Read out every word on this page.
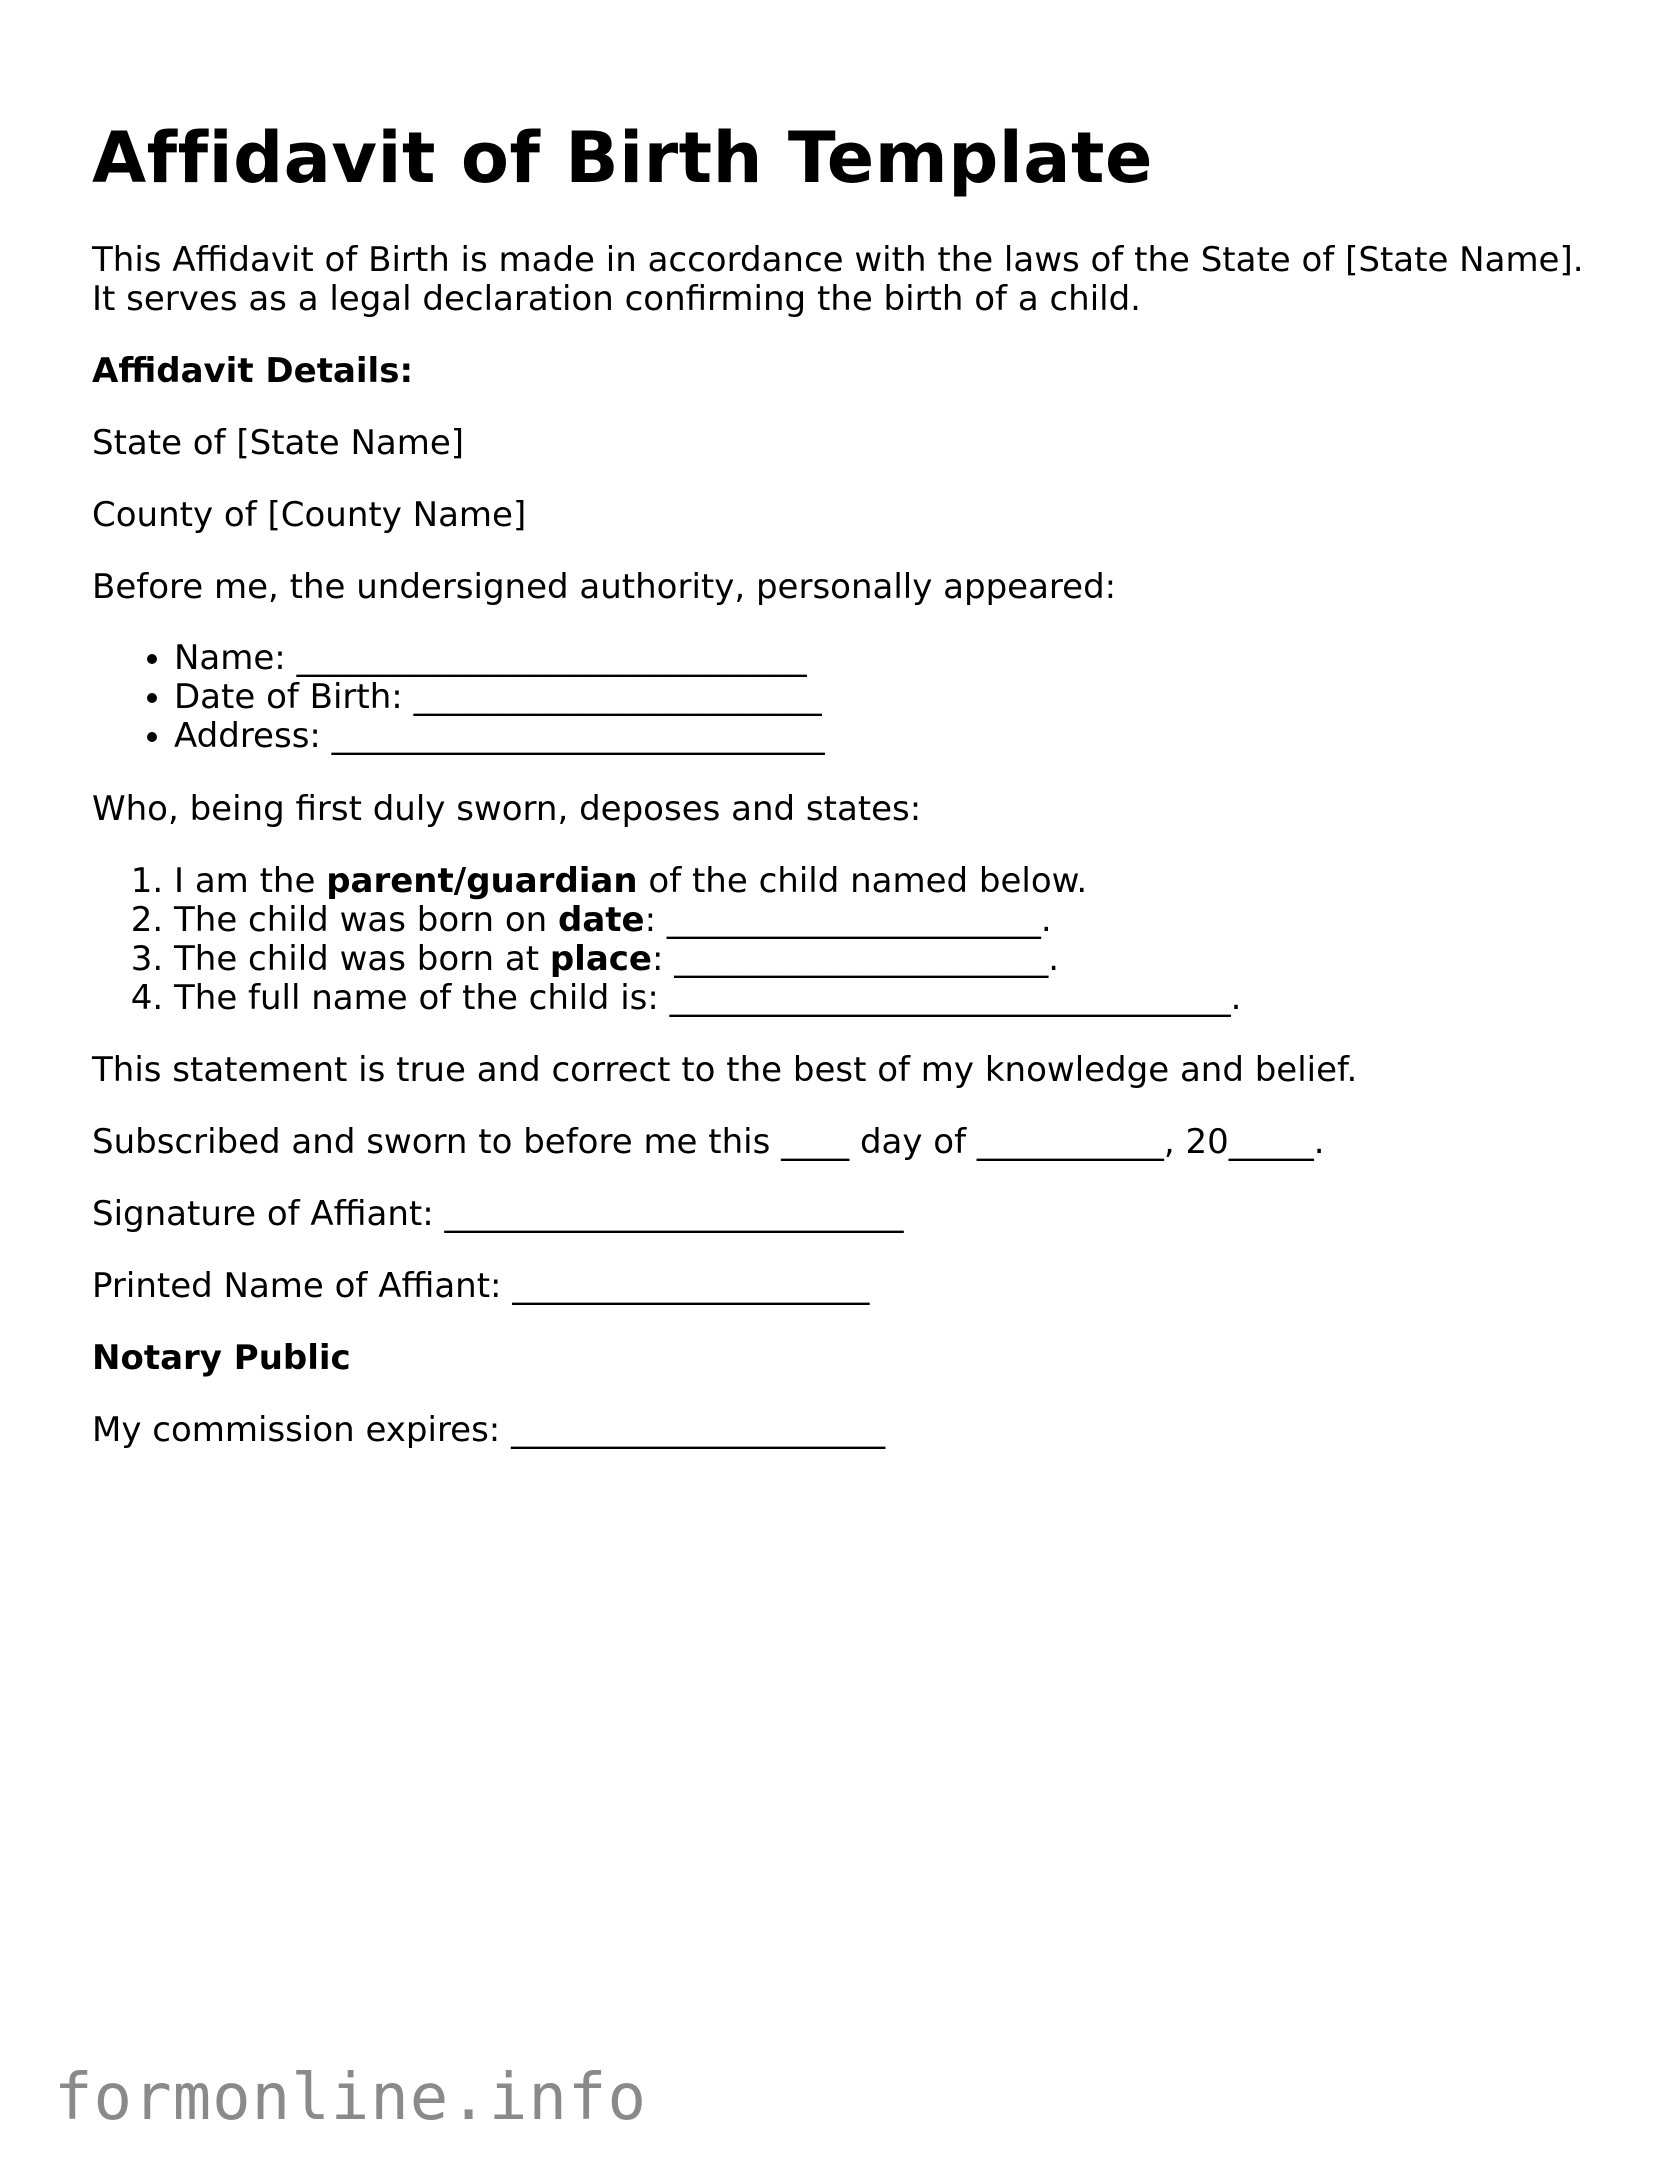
Affidavit of Birth Template

This Affidavit of Birth is made in accordance with the laws of the State of [State Name]. It serves as a legal declaration confirming the birth of a child.

Affidavit Details:

State of [State Name]

County of [County Name]

Before me, the undersigned authority, personally appeared:

• Name: ______________________________
• Date of Birth: ________________________
• Address: _____________________________

Who, being first duly sworn, deposes and states:

1. I am the parent/guardian of the child named below.
2. The child was born on date: ______________________.
3. The child was born at place: ______________________.
4. The full name of the child is: _________________________________.

This statement is true and correct to the best of my knowledge and belief.

Subscribed and sworn to before me this ____ day of ___________, 20_____.

Signature of Affiant: ___________________________

Printed Name of Affiant: _____________________

Notary Public

My commission expires: ______________________

formonline.info
